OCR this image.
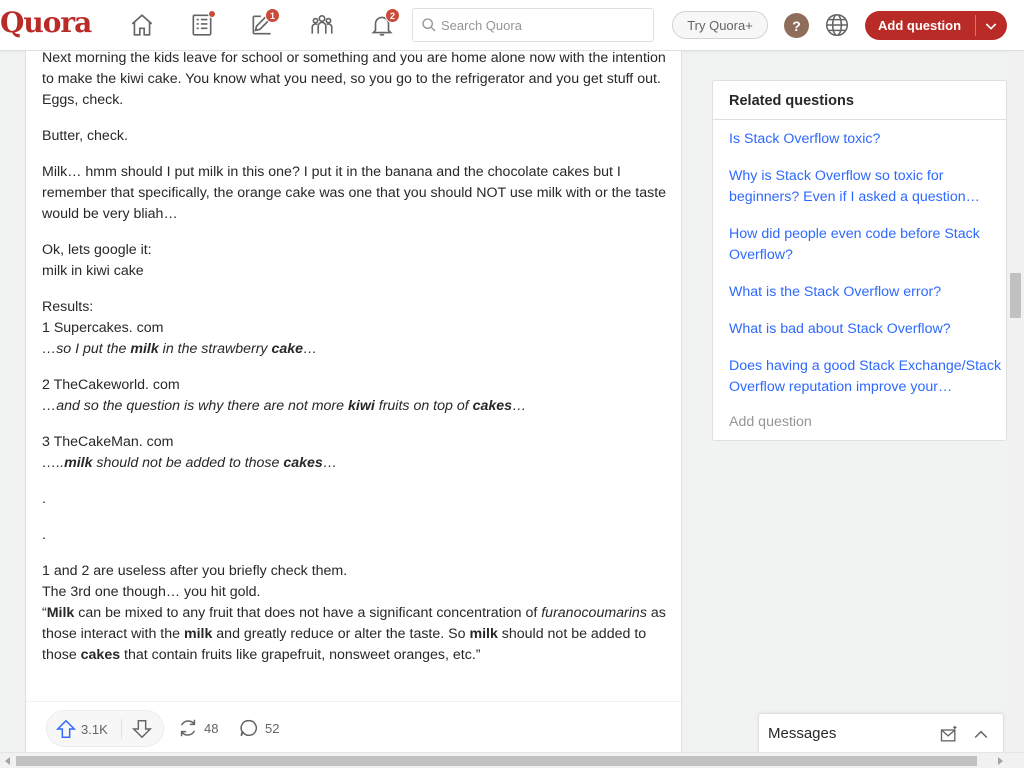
Quora	1	2
Search Quora
Try Quora+	?	Add question

Next morning the kids leave for school or something and you are home alone now with the intention to make the kiwi cake. You know what you need, so you go to the refrigerator and you get stuff out.
Eggs, check.

Butter, check.

Milk… hmm should I put milk in this one? I put it in the banana and the chocolate cakes but I remember that specifically, the orange cake was one that you should NOT use milk with or the taste would be very bliah…

Ok, lets google it:
milk in kiwi cake

Results:
1 Supercakes. com
…so I put the milk in the strawberry cake…

2 TheCakeworld. com
…and so the question is why there are not more kiwi fruits on top of cakes…

3 TheCakeMan. com
…..milk should not be added to those cakes…

.

.

1 and 2 are useless after you briefly check them.
The 3rd one though… you hit gold.
“Milk can be mixed to any fruit that does not have a significant concentration of furanocoumarins as those interact with the milk and greatly reduce or alter the taste. So milk should not be added to those cakes that contain fruits like grapefruit, nonsweet oranges, etc.”

3.1K	48	52
Related questions
Is Stack Overflow toxic?
Why is Stack Overflow so toxic for beginners? Even if I asked a question…
How did people even code before Stack Overflow?
What is the Stack Overflow error?
What is bad about Stack Overflow?
Does having a good Stack Exchange/Stack Overflow reputation improve your…
Add question
Messages
